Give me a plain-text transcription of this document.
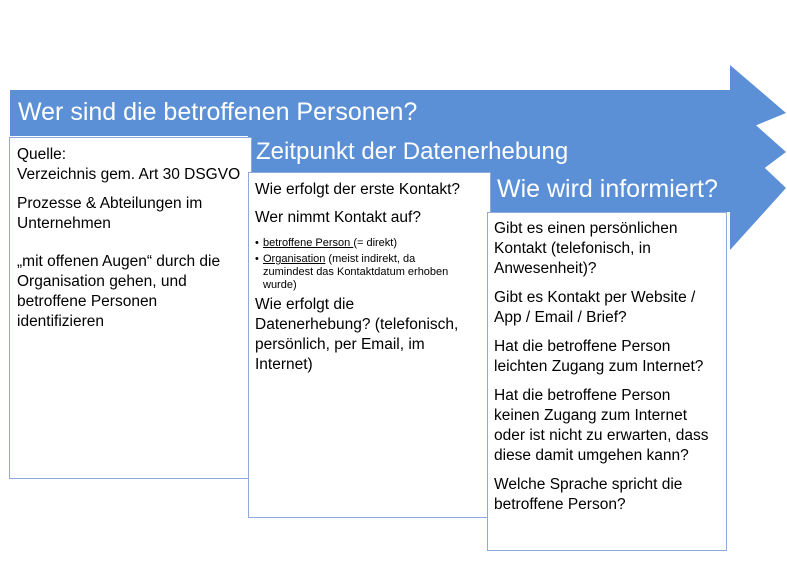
Wer sind die betroffenen Personen?

Quelle:

Verzeichnis gem. Art 30 DSGVO

Prozesse & Abteilungen im

Unternehmen

„mit offenen Augen“ durch die

Organisation gehen, und

betroffene Personen

identifizieren

Zeitpunkt der Datenerhebung

Wie erfolgt der erste Kontakt?

Wer nimmt Kontakt auf?

• betroffene Person (= direkt)
• Organisation (meist indirekt, da
zumindest das Kontaktdatum erhoben
wurde)

Wie erfolgt die

Datenerhebung? (telefonisch,

persönlich, per Email, im

Internet)

Wie wird informiert?

Gibt es einen persönlichen

Kontakt (telefonisch, in

Anwesenheit)?

Gibt es Kontakt per Website /

App / Email / Brief?

Hat die betroffene Person

leichten Zugang zum Internet?

Hat die betroffene Person

keinen Zugang zum Internet

oder ist nicht zu erwarten, dass

diese damit umgehen kann?

Welche Sprache spricht die

betroffene Person?
